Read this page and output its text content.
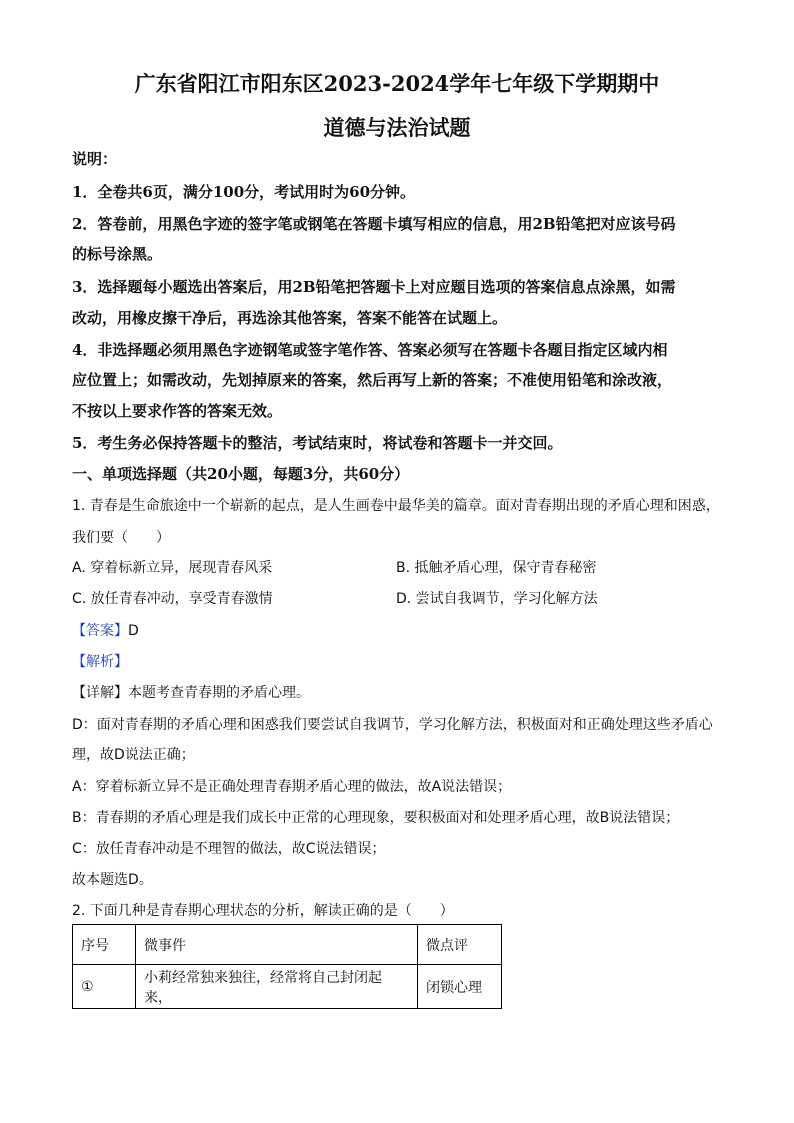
广东省阳江市阳东区2023-2024学年七年级下学期期中
道德与法治试题
说明：
1．全卷共6页，满分100分，考试用时为60分钟。
2．答卷前，用黑色字迹的签字笔或钢笔在答题卡填写相应的信息，用2B铅笔把对应该号码
的标号涂黑。
3．选择题每小题选出答案后，用2B铅笔把答题卡上对应题目选项的答案信息点涂黑，如需
改动，用橡皮擦干净后，再选涂其他答案，答案不能答在试题上。
4．非选择题必须用黑色字迹钢笔或签字笔作答、答案必须写在答题卡各题目指定区域内相
应位置上；如需改动，先划掉原来的答案，然后再写上新的答案；不准使用铅笔和涂改液，
不按以上要求作答的答案无效。
5．考生务必保持答题卡的整洁，考试结束时，将试卷和答题卡一并交回。
一、单项选择题（共20小题，每题3分，共60分）
1. 青春是生命旅途中一个崭新的起点，是人生画卷中最华美的篇章。面对青春期出现的矛盾心理和困惑，
我们要（　　）
A. 穿着标新立异，展现青春风采	B. 抵触矛盾心理，保守青春秘密
C. 放任青春冲动，享受青春激情	D. 尝试自我调节，学习化解方法
【答案】D
【解析】
【详解】本题考查青春期的矛盾心理。
D：面对青春期的矛盾心理和困惑我们要尝试自我调节，学习化解方法，积极面对和正确处理这些矛盾心
理，故D说法正确；
A：穿着标新立异不是正确处理青春期矛盾心理的做法，故A说法错误；
B：青春期的矛盾心理是我们成长中正常的心理现象，要积极面对和处理矛盾心理，故B说法错误；
C：放任青春冲动是不理智的做法，故C说法错误；
故本题选D。
2. 下面几种是青春期心理状态的分析，解读正确的是（　　）
序号	微事件	微点评
①	小莉经常独来独往，经常将自己封闭起来，	闭锁心理
